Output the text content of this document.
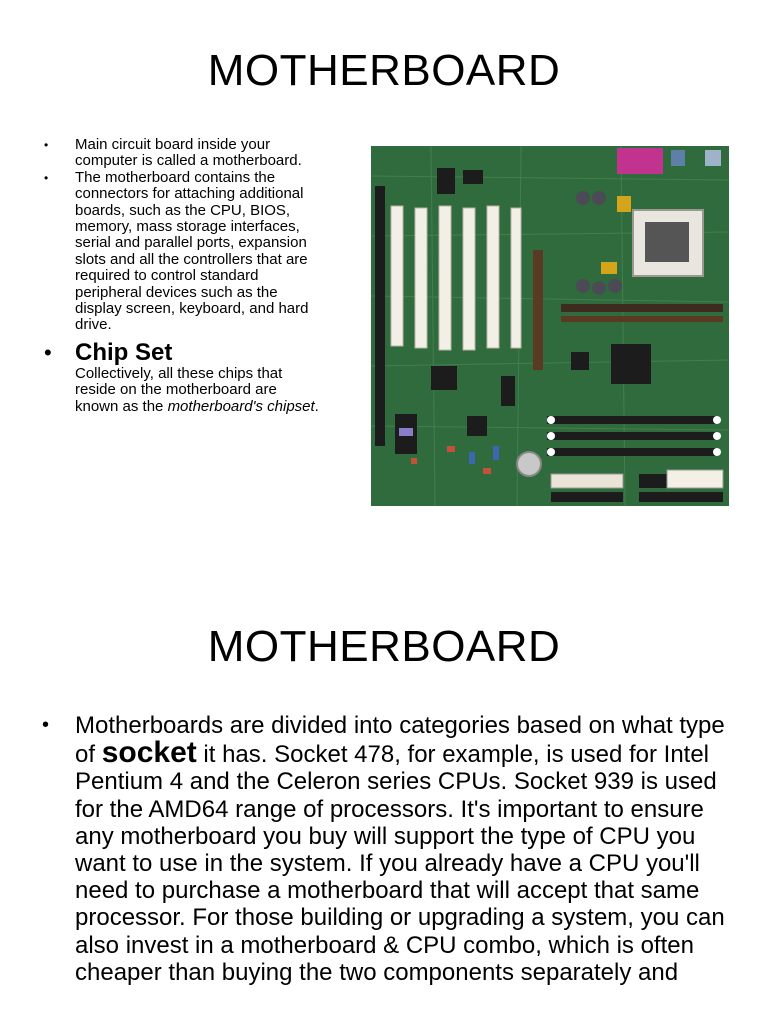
MOTHERBOARD
• Main circuit board inside your computer is called a motherboard.
• The motherboard contains the connectors for attaching additional boards, such as the CPU, BIOS, memory, mass storage interfaces, serial and parallel ports, expansion slots and all the controllers that are required to control standard peripheral devices such as the display screen, keyboard, and hard drive.
• Chip Set
Collectively, all these chips that reside on the motherboard are known as the motherboard's chipset.
MOTHERBOARD
• Motherboards are divided into categories based on what type of socket it has. Socket 478, for example, is used for Intel Pentium 4 and the Celeron series CPUs. Socket 939 is used for the AMD64 range of processors. It's important to ensure any motherboard you buy will support the type of CPU you want to use in the system. If you already have a CPU you'll need to purchase a motherboard that will accept that same processor. For those building or upgrading a system, you can also invest in a motherboard & CPU combo, which is often cheaper than buying the two components separately and
